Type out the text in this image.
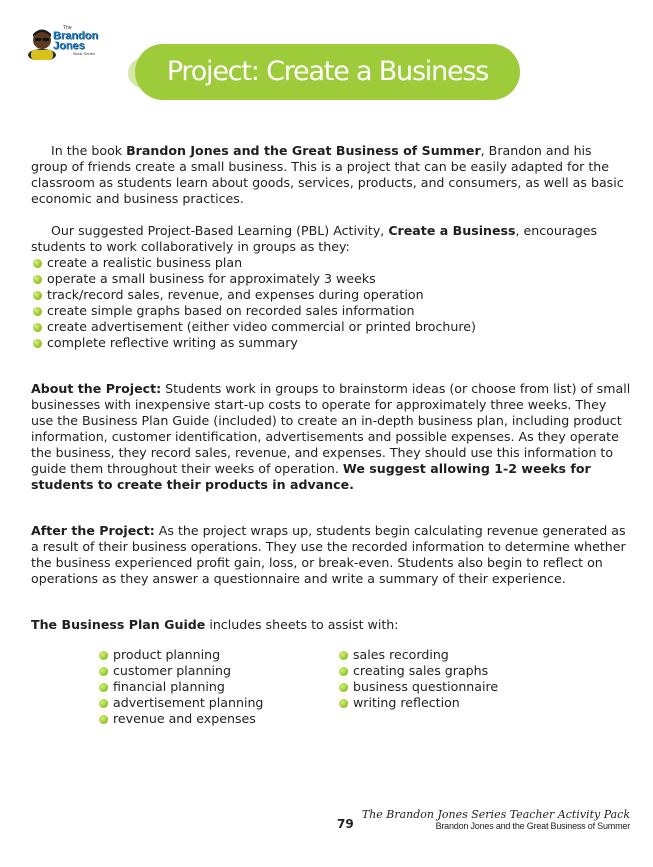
The
Brandon
Jones
Book Series
Project: Create a Business

In the book Brandon Jones and the Great Business of Summer, Brandon and his group of friends create a small business. This is a project that can be easily adapted for the classroom as students learn about goods, services, products, and consumers, as well as basic economic and business practices.

Our suggested Project-Based Learning (PBL) Activity, Create a Business, encourages students to work collaboratively in groups as they:

create a realistic business plan
operate a small business for approximately 3 weeks
track/record sales, revenue, and expenses during operation
create simple graphs based on recorded sales information
create advertisement (either video commercial or printed brochure)
complete reflective writing as summary

About the Project: Students work in groups to brainstorm ideas (or choose from list) of small businesses with inexpensive start-up costs to operate for approximately three weeks. They use the Business Plan Guide (included) to create an in-depth business plan, including product information, customer identification, advertisements and possible expenses. As they operate the business, they record sales, revenue, and expenses. They should use this information to guide them throughout their weeks of operation. We suggest allowing 1-2 weeks for students to create their products in advance.

After the Project: As the project wraps up, students begin calculating revenue generated as a result of their business operations. They use the recorded information to determine whether the business experienced profit gain, loss, or break-even. Students also begin to reflect on operations as they answer a questionnaire and write a summary of their experience.

The Business Plan Guide includes sheets to assist with:

product planning
customer planning
financial planning
advertisement planning
revenue and expenses
sales recording
creating sales graphs
business questionnaire
writing reflection
79
The Brandon Jones Series Teacher Activity Pack
Brandon Jones and the Great Business of Summer
